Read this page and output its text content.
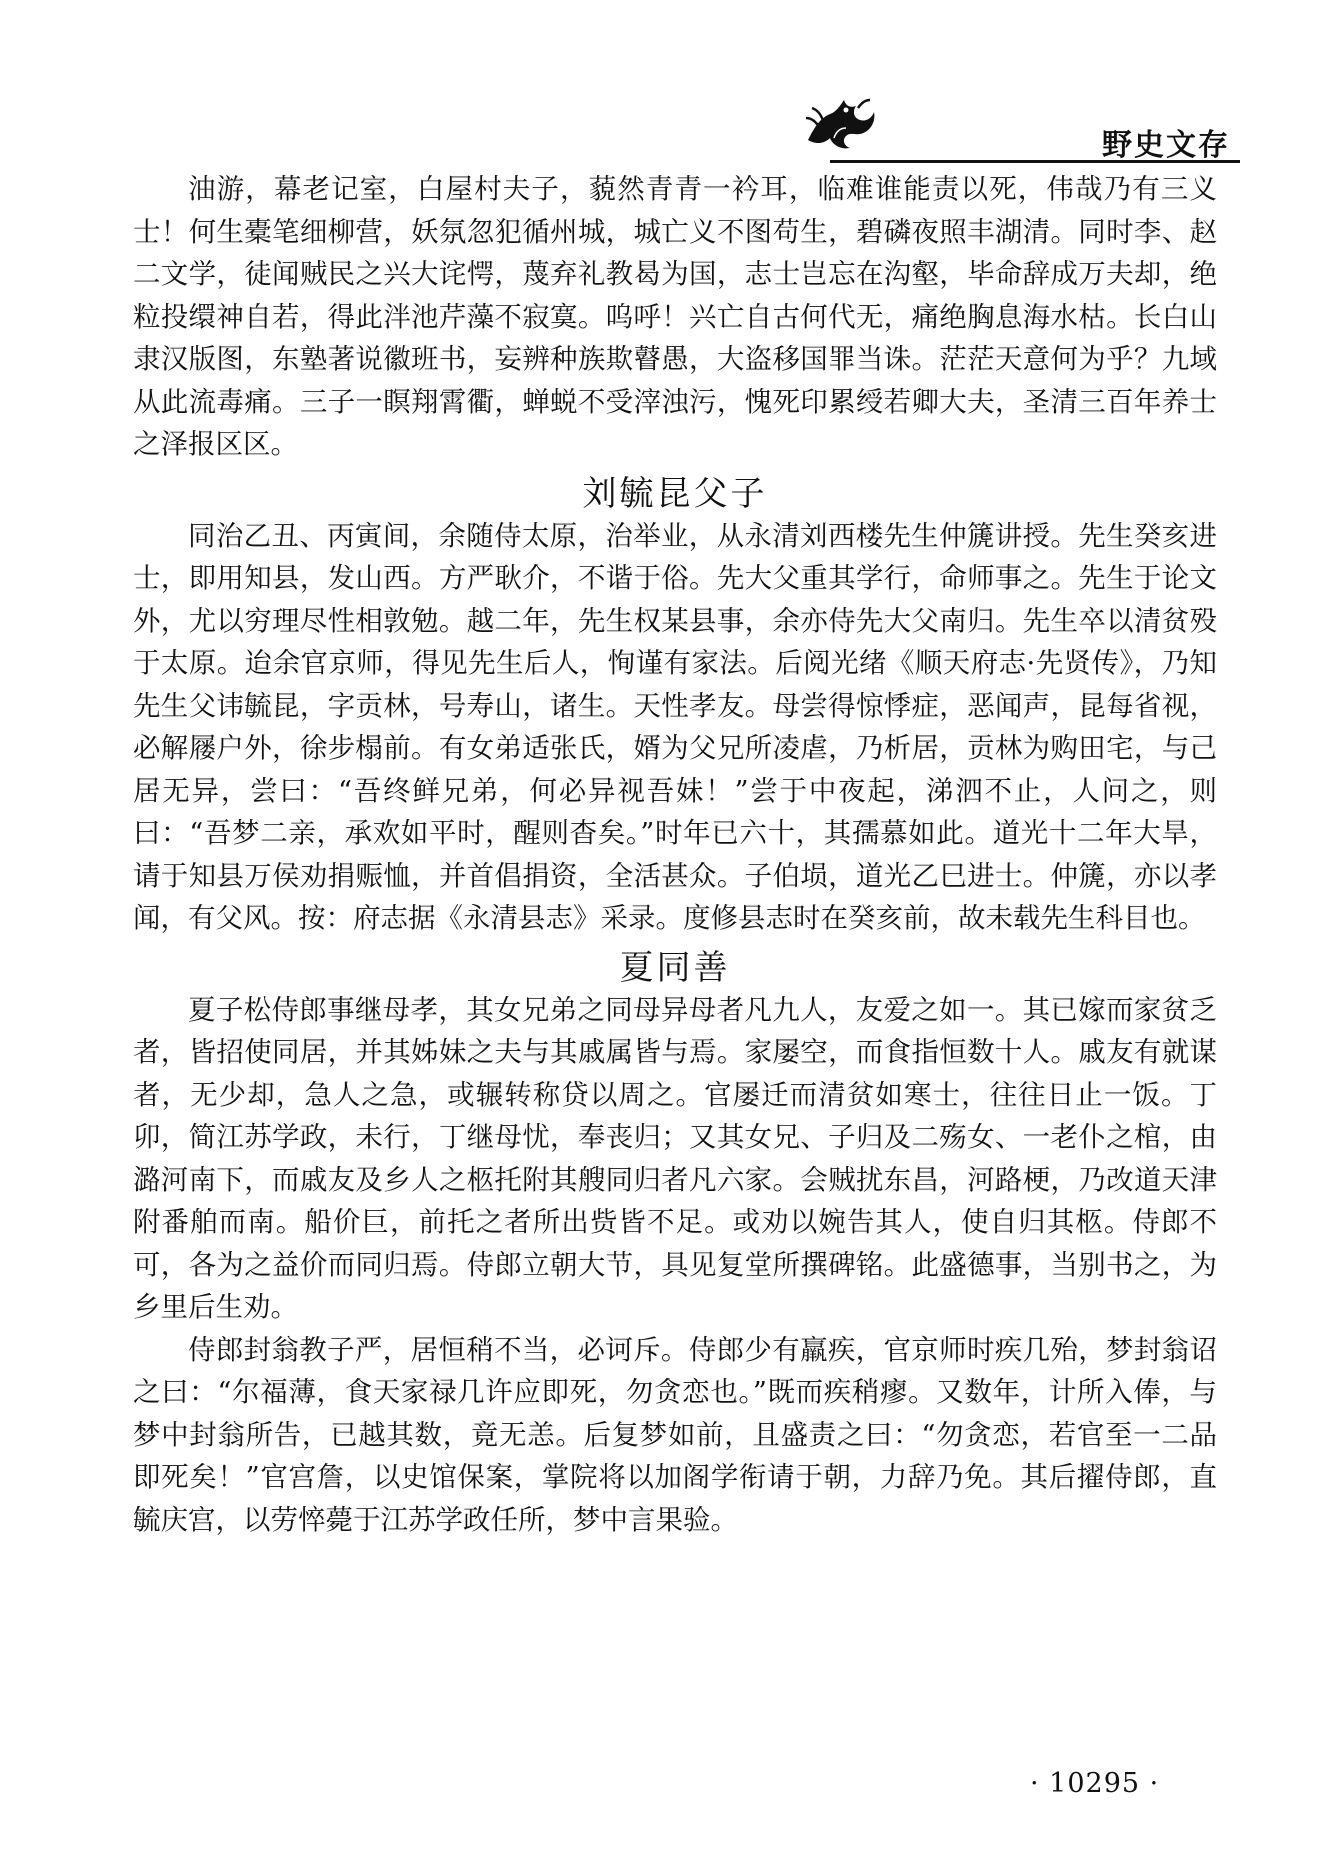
野史文存

油游，幕老记室，白屋村夫子，藐然青青一衿耳，临难谁能责以死，伟哉乃有三义士！何生橐笔细柳营，妖氛忽犯循州城，城亡义不图苟生，碧磷夜照丰湖清。同时李、赵二文学，徒闻贼民之兴大诧愕，蔑弃礼教曷为国，志士岂忘在沟壑，毕命辞成万夫却，绝粒投缳神自若，得此泮池芹藻不寂寞。呜呼！兴亡自古何代无，痛绝胸息海水枯。长白山隶汉版图，东塾著说徽班书，妄辨种族欺瞽愚，大盗移国罪当诛。茫茫天意何为乎？九域从此流毒痛。三子一瞑翔霄衢，蝉蜕不受滓浊污，愧死印累绶若卿大夫，圣清三百年养士之泽报区区。

刘毓昆父子

同治乙丑、丙寅间，余随侍太原，治举业，从永清刘西楼先生仲篪讲授。先生癸亥进士，即用知县，发山西。方严耿介，不谐于俗。先大父重其学行，命师事之。先生于论文外，尤以穷理尽性相敦勉。越二年，先生权某县事，余亦侍先大父南归。先生卒以清贫殁于太原。迨余官京师，得见先生后人，恂谨有家法。后阅光绪《顺天府志·先贤传》，乃知先生父讳毓昆，字贡林，号寿山，诸生。天性孝友。母尝得惊悸症，恶闻声，昆每省视，必解屦户外，徐步榻前。有女弟适张氏，婿为父兄所凌虐，乃析居，贡林为购田宅，与己居无异，尝曰：“吾终鲜兄弟，何必异视吾妹！”尝于中夜起，涕泗不止，人问之，则曰：“吾梦二亲，承欢如平时，醒则杳矣。”时年已六十，其孺慕如此。道光十二年大旱，请于知县万侯劝捐赈恤，并首倡捐资，全活甚众。子伯埙，道光乙巳进士。仲篪，亦以孝闻，有父风。按：府志据《永清县志》采录。度修县志时在癸亥前，故未载先生科目也。

夏同善

夏子松侍郎事继母孝，其女兄弟之同母异母者凡九人，友爱之如一。其已嫁而家贫乏者，皆招使同居，并其姊妹之夫与其戚属皆与焉。家屡空，而食指恒数十人。戚友有就谋者，无少却，急人之急，或辗转称贷以周之。官屡迁而清贫如寒士，往往日止一饭。丁卯，简江苏学政，未行，丁继母忧，奉丧归；又其女兄、子归及二殇女、一老仆之棺，由潞河南下，而戚友及乡人之柩托附其艘同归者凡六家。会贼扰东昌，河路梗，乃改道天津附番舶而南。船价巨，前托之者所出赀皆不足。或劝以婉告其人，使自归其柩。侍郎不可，各为之益价而同归焉。侍郎立朝大节，具见复堂所撰碑铭。此盛德事，当别书之，为乡里后生劝。

侍郎封翁教子严，居恒稍不当，必诃斥。侍郎少有羸疾，官京师时疾几殆，梦封翁诏之曰：“尔福薄，食天家禄几许应即死，勿贪恋也。”既而疾稍瘳。又数年，计所入俸，与梦中封翁所告，已越其数，竟无恙。后复梦如前，且盛责之曰：“勿贪恋，若官至一二品即死矣！”官宫詹，以史馆保案，掌院将以加阁学衔请于朝，力辞乃免。其后擢侍郎，直毓庆宫，以劳悴薨于江苏学政任所，梦中言果验。

· 10295 ·
